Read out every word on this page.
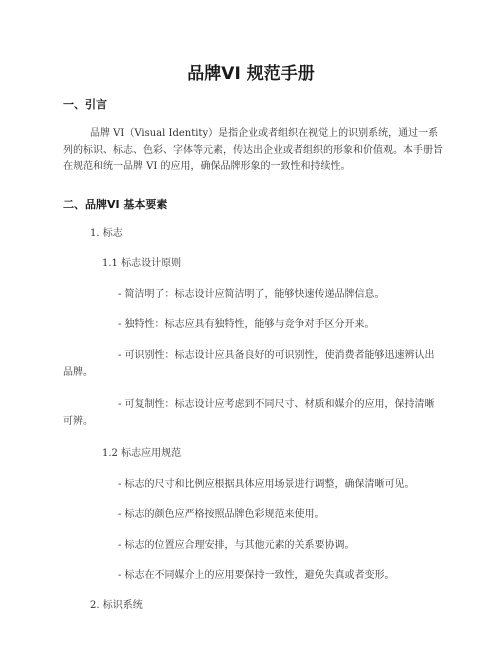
品牌VI 规范手册
一、引言

品牌 VI（Visual Identity）是指企业或者组织在视觉上的识别系统，通过一系列的标识、标志、色彩、字体等元素，传达出企业或者组织的形象和价值观。本手册旨在规范和统一品牌 VI 的应用，确保品牌形象的一致性和持续性。

二、品牌VI 基本要素

1. 标志

1.1 标志设计原则

- 简洁明了：标志设计应简洁明了，能够快速传递品牌信息。

- 独特性：标志应具有独特性，能够与竞争对手区分开来。

- 可识别性：标志设计应具备良好的可识别性，使消费者能够迅速辨认出品牌。

- 可复制性：标志设计应考虑到不同尺寸、材质和媒介的应用，保持清晰可辨。

1.2 标志应用规范

- 标志的尺寸和比例应根据具体应用场景进行调整，确保清晰可见。

- 标志的颜色应严格按照品牌色彩规范来使用。

- 标志的位置应合理安排，与其他元素的关系要协调。

- 标志在不同媒介上的应用要保持一致性，避免失真或者变形。

2. 标识系统
